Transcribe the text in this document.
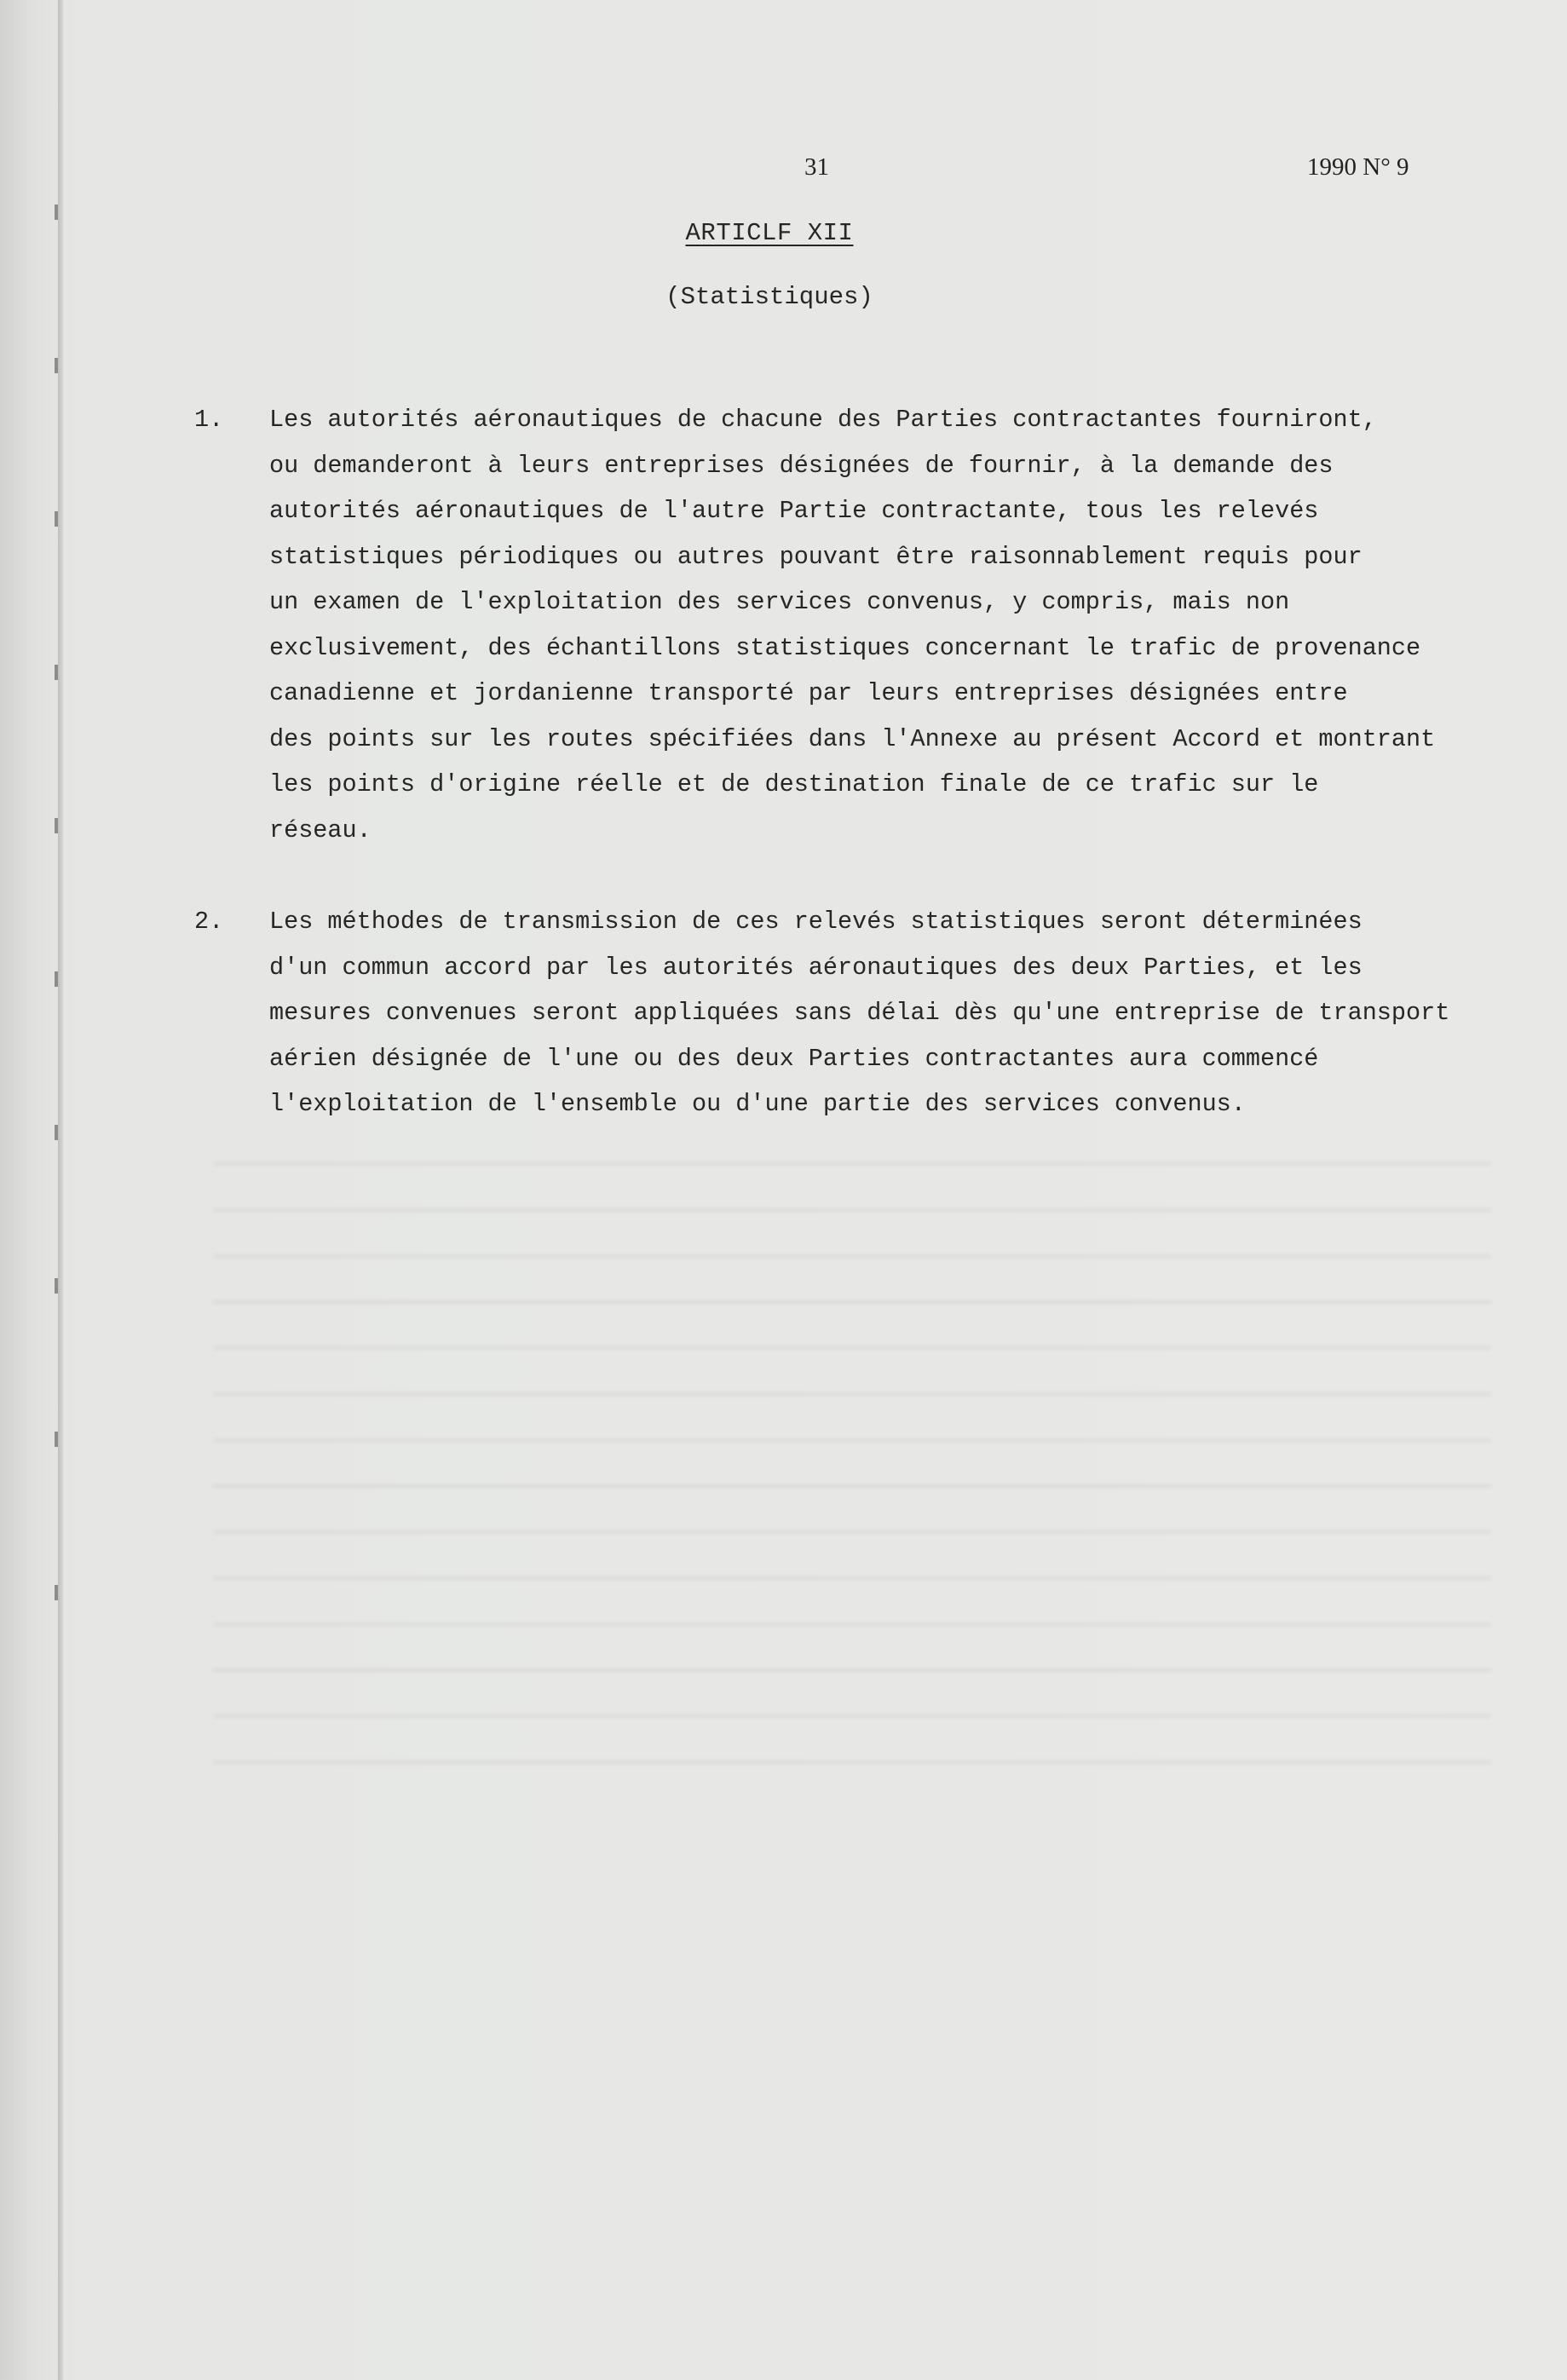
31	1990 N° 9
ARTICLF XII
(Statistiques)
1. Les autorités aéronautiques de chacune des Parties contractantes fourniront,
ou demanderont à leurs entreprises désignées de fournir, à la demande des
autorités aéronautiques de l'autre Partie contractante, tous les relevés
statistiques périodiques ou autres pouvant être raisonnablement requis pour
un examen de l'exploitation des services convenus, y compris, mais non
exclusivement, des échantillons statistiques concernant le trafic de provenance
canadienne et jordanienne transporté par leurs entreprises désignées entre
des points sur les routes spécifiées dans l'Annexe au présent Accord et montrant
les points d'origine réelle et de destination finale de ce trafic sur le
réseau.
2. Les méthodes de transmission de ces relevés statistiques seront déterminées
d'un commun accord par les autorités aéronautiques des deux Parties, et les
mesures convenues seront appliquées sans délai dès qu'une entreprise de transport
aérien désignée de l'une ou des deux Parties contractantes aura commencé
l'exploitation de l'ensemble ou d'une partie des services convenus.
